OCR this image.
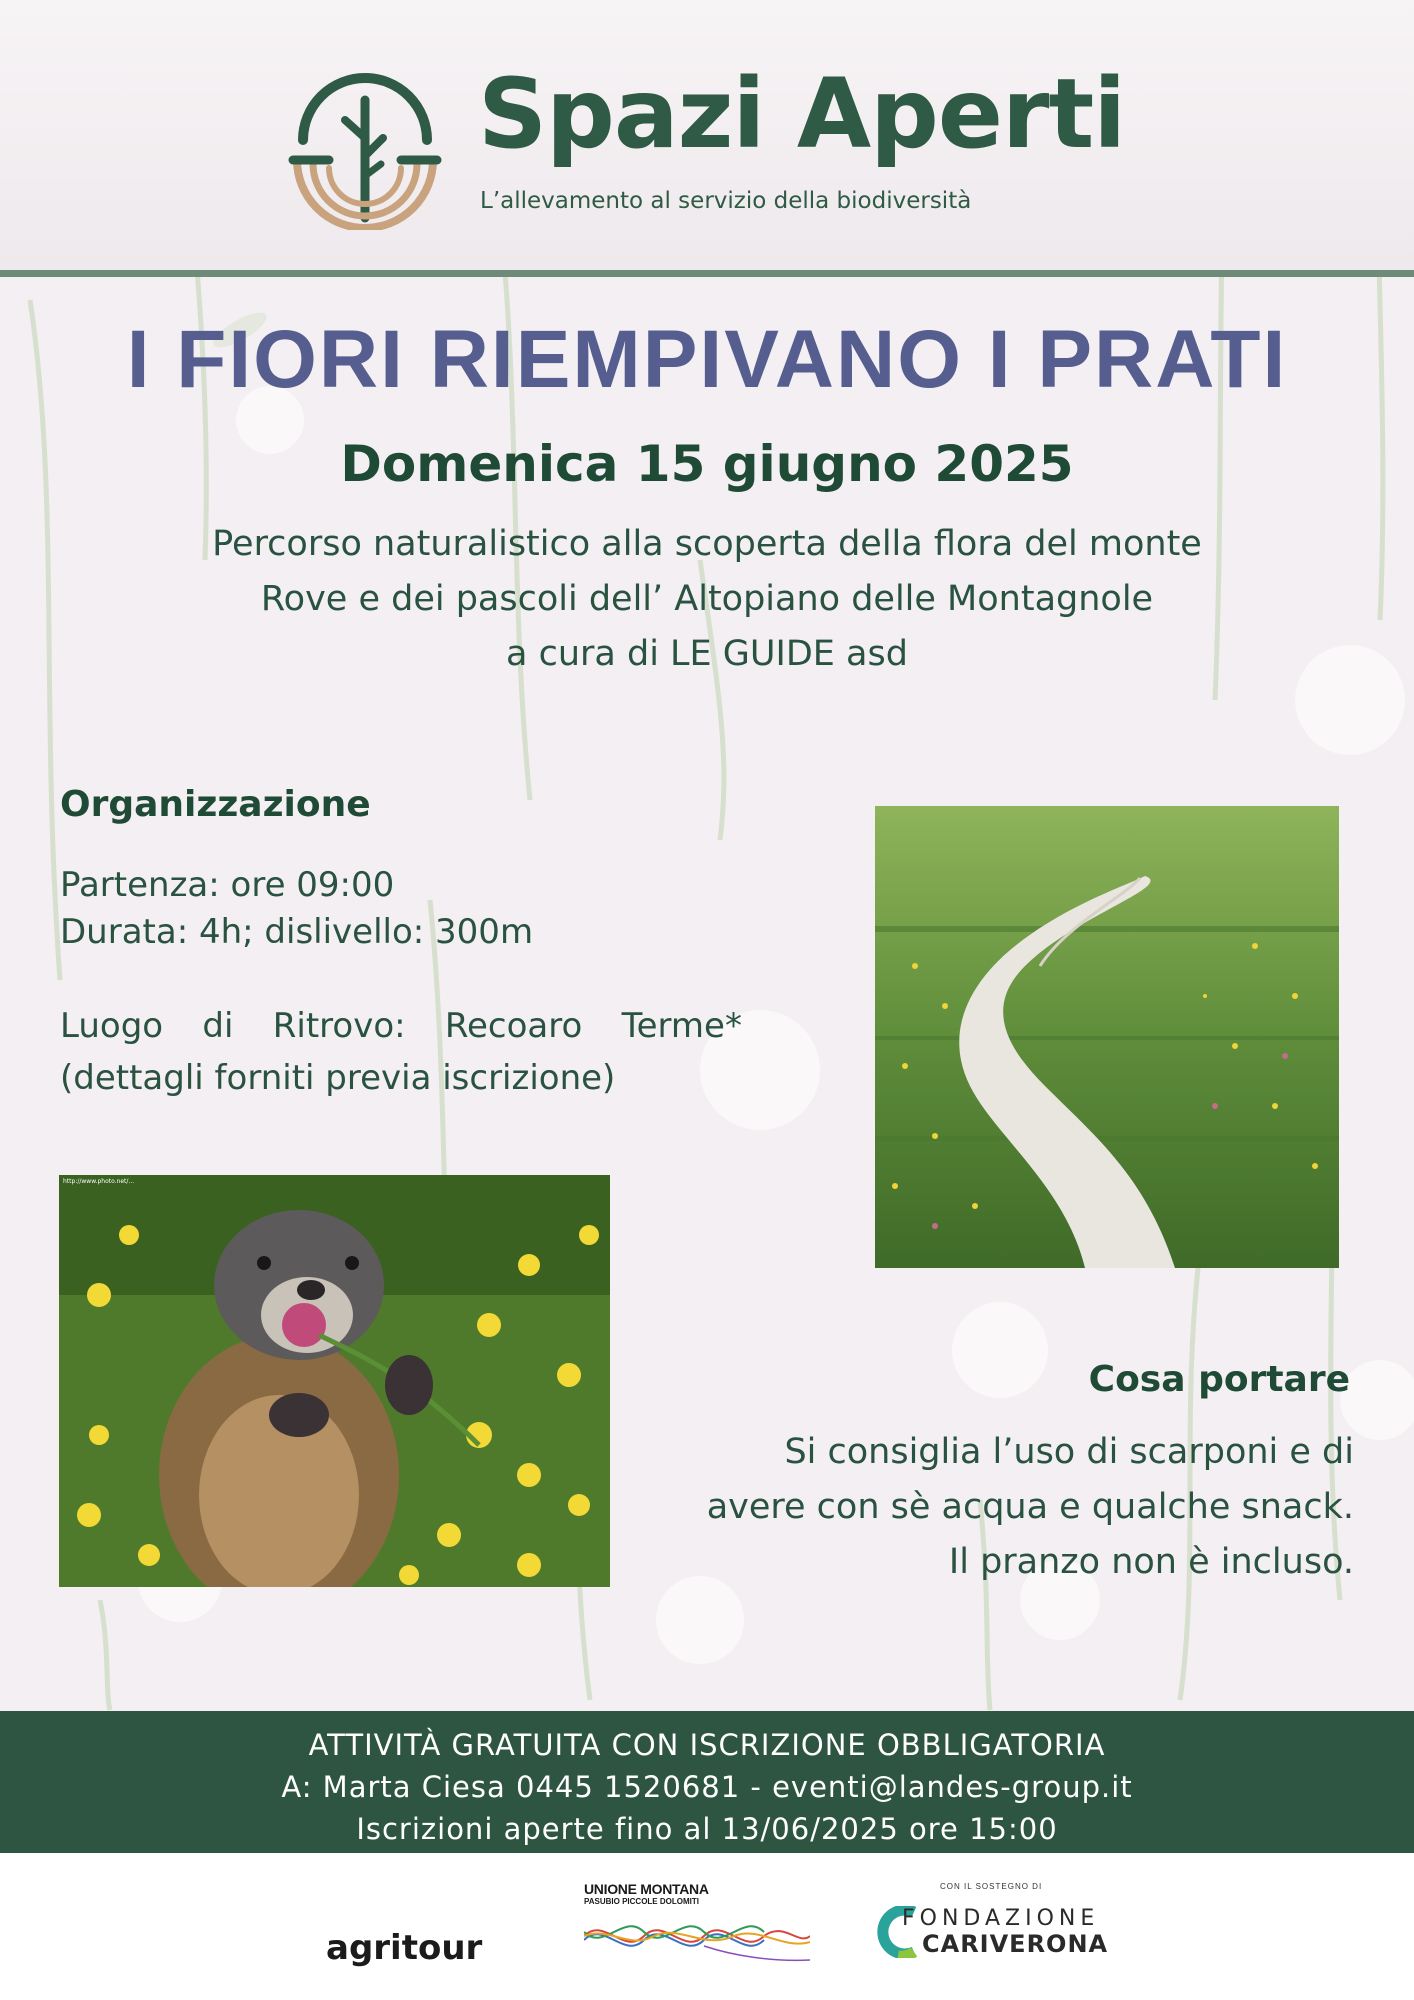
Spazi Aperti
L’allevamento al servizio della biodiversità
I FIORI RIEMPIVANO I PRATI
Domenica 15 giugno 2025
Percorso naturalistico alla scoperta della flora del monte
Rove e dei pascoli dell’ Altopiano delle Montagnole
a cura di LE GUIDE asd
Organizzazione
Partenza: ore 09:00
Durata: 4h; dislivello: 300m
Luogo di Ritrovo: Recoaro Terme*
(dettagli forniti previa iscrizione)
http://www.photo.net/...
Cosa portare
Si consiglia l’uso di scarponi e di
avere con sè acqua e qualche snack.
Il pranzo non è incluso.
ATTIVITÀ GRATUITA CON ISCRIZIONE OBBLIGATORIA
A: Marta Ciesa 0445 1520681 - eventi@landes-group.it
Iscrizioni aperte fino al 13/06/2025 ore 15:00
agritour
UNIONE MONTANA
PASUBIO PICCOLE DOLOMITI
CON IL SOSTEGNO DI
FONDAZIONE
CARIVERONA
